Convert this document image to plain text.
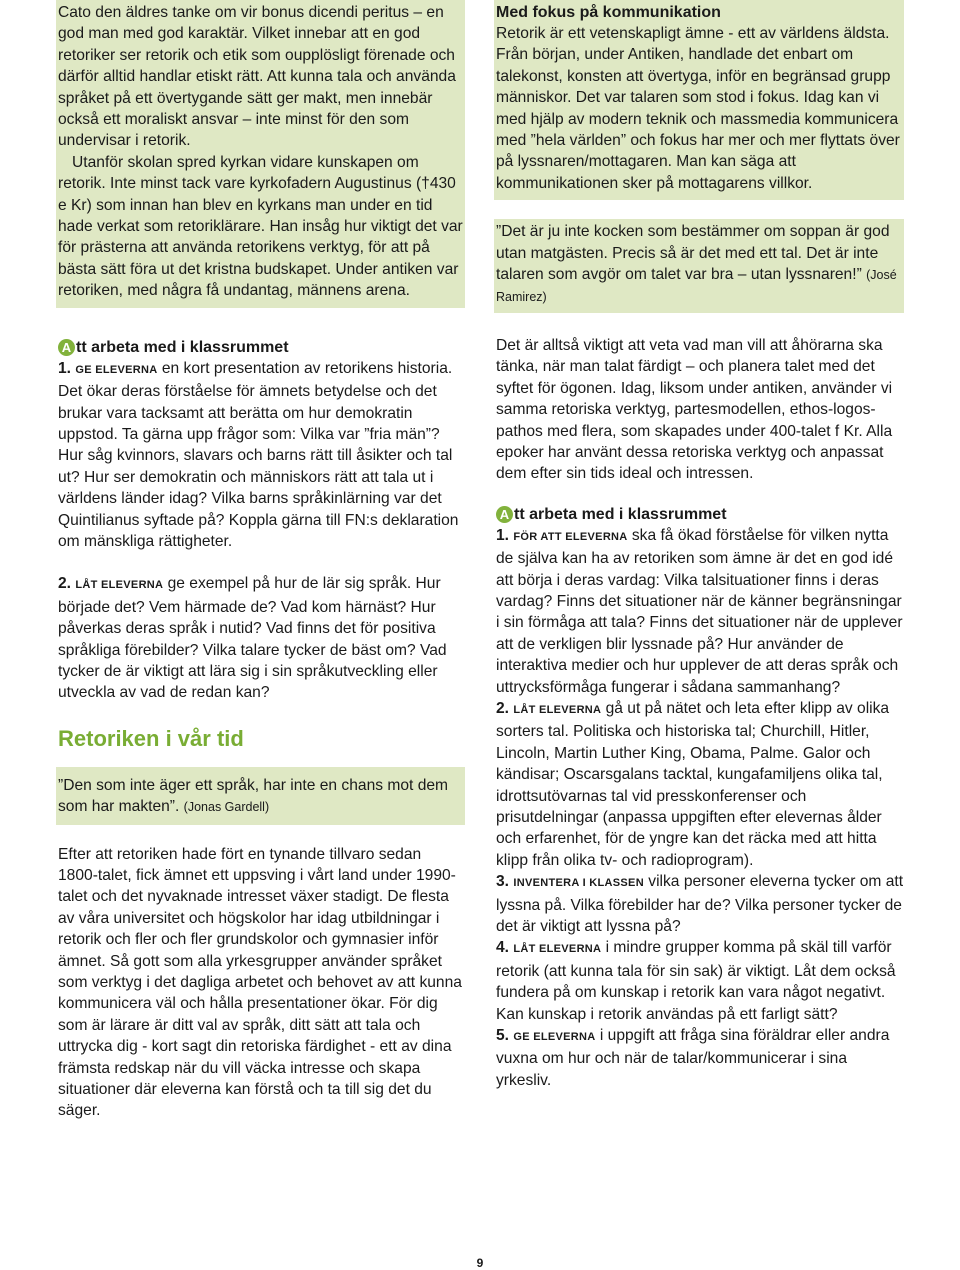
Cato den äldres tanke om vir bonus dicendi peritus – en god man med god karaktär. Vilket innebar att en god retoriker ser retorik och etik som oupplösligt förenade och därför alltid handlar etiskt rätt. Att kunna tala och använda språket på ett övertygande sätt ger makt, men innebär också ett moraliskt ansvar – inte minst för den som undervisar i retorik.

Utanför skolan spred kyrkan vidare kunskapen om retorik. Inte minst tack vare kyrkofadern Augustinus (†430 e Kr) som innan han blev en kyrkans man under en tid hade verkat som retoriklärare. Han insåg hur viktigt det var för prästerna att använda retorikens verktyg, för att på bästa sätt föra ut det kristna budskapet. Under antiken var retoriken, med några få undantag, männens arena.

A tt arbeta med i klassrummet

1. GE ELEVERNA en kort presentation av retorikens historia. Det ökar deras förståelse för ämnets betydelse och det brukar vara tacksamt att berätta om hur demokratin uppstod. Ta gärna upp frågor som: Vilka var ”fria män”? Hur såg kvinnors, slavars och barns rätt till åsikter och tal ut? Hur ser demokratin och människors rätt att tala ut i världens länder idag? Vilka barns språkinlärning var det Quintilianus syftade på? Koppla gärna till FN:s deklaration om mänskliga rättigheter.

2. LÅT ELEVERNA ge exempel på hur de lär sig språk. Hur började det? Vem härmade de? Vad kom härnäst? Hur påverkas deras språk i nutid? Vad finns det för positiva språkliga förebilder? Vilka talare tycker de bäst om? Vad tycker de är viktigt att lära sig i sin språkutveckling eller utveckla av vad de redan kan?

Retoriken i vår tid

”Den som inte äger ett språk, har inte en chans mot dem som har makten”. (Jonas Gardell)

Efter att retoriken hade fört en tynande tillvaro sedan 1800-talet, fick ämnet ett uppsving i vårt land under 1990-talet och det nyvaknade intresset växer stadigt. De flesta av våra universitet och högskolor har idag utbildningar i retorik och fler och fler grundskolor och gymnasier inför ämnet. Så gott som alla yrkesgrupper använder språket som verktyg i det dagliga arbetet och behovet av att kunna kommunicera väl och hålla presentationer ökar. För dig som är lärare är ditt val av språk, ditt sätt att tala och uttrycka dig - kort sagt din retoriska färdighet - ett av dina främsta redskap när du vill väcka intresse och skapa situationer där eleverna kan förstå och ta till sig det du säger.

Med fokus på kommunikation

Retorik är ett vetenskapligt ämne - ett av världens äldsta. Från början, under Antiken, handlade det enbart om talekonst, konsten att övertyga, inför en begränsad grupp människor. Det var talaren som stod i fokus. Idag kan vi med hjälp av modern teknik och massmedia kommunicera med ”hela världen” och fokus har mer och mer flyttats över på lyssnaren/mottagaren. Man kan säga att kommunikationen sker på mottagarens villkor.

”Det är ju inte kocken som bestämmer om soppan är god utan matgästen. Precis så är det med ett tal. Det är inte talaren som avgör om talet var bra – utan lyssnaren!” (José Ramirez)

Det är alltså viktigt att veta vad man vill att åhörarna ska tänka, när man talat färdigt – och planera talet med det syftet för ögonen. Idag, liksom under antiken, använder vi samma retoriska verktyg, partesmodellen, ethos-logos-pathos med flera, som skapades under 400-talet f Kr. Alla epoker har använt dessa retoriska verktyg och anpassat dem efter sin tids ideal och intressen.
A tt arbeta med i klassrummet

1. FÖR ATT ELEVERNA ska få ökad förståelse för vilken nytta de själva kan ha av retoriken som ämne är det en god idé att börja i deras vardag: Vilka talsituationer finns i deras vardag? Finns det situationer när de känner begränsningar i sin förmåga att tala? Finns det situationer när de upplever att de verkligen blir lyssnade på? Hur använder de interaktiva medier och hur upplever de att deras språk och uttrycksförmåga fungerar i sådana sammanhang?

2. LÅT ELEVERNA gå ut på nätet och leta efter klipp av olika sorters tal. Politiska och historiska tal; Churchill, Hitler, Lincoln, Martin Luther King, Obama, Palme. Galor och kändisar; Oscarsgalans tacktal, kungafamiljens olika tal, idrottsutövarnas tal vid presskonferenser och prisutdelningar (anpassa uppgiften efter elevernas ålder och erfarenhet, för de yngre kan det räcka med att hitta klipp från olika tv- och radioprogram).

3. INVENTERA I KLASSEN vilka personer eleverna tycker om att lyssna på. Vilka förebilder har de? Vilka personer tycker de det är viktigt att lyssna på?

4. LÅT ELEVERNA i mindre grupper komma på skäl till varför retorik (att kunna tala för sin sak) är viktigt. Låt dem också fundera på om kunskap i retorik kan vara något negativt. Kan kunskap i retorik användas på ett farligt sätt?

5. GE ELEVERNA i uppgift att fråga sina föräldrar eller andra vuxna om hur och när de talar/kommunicerar i sina yrkesliv.

9
